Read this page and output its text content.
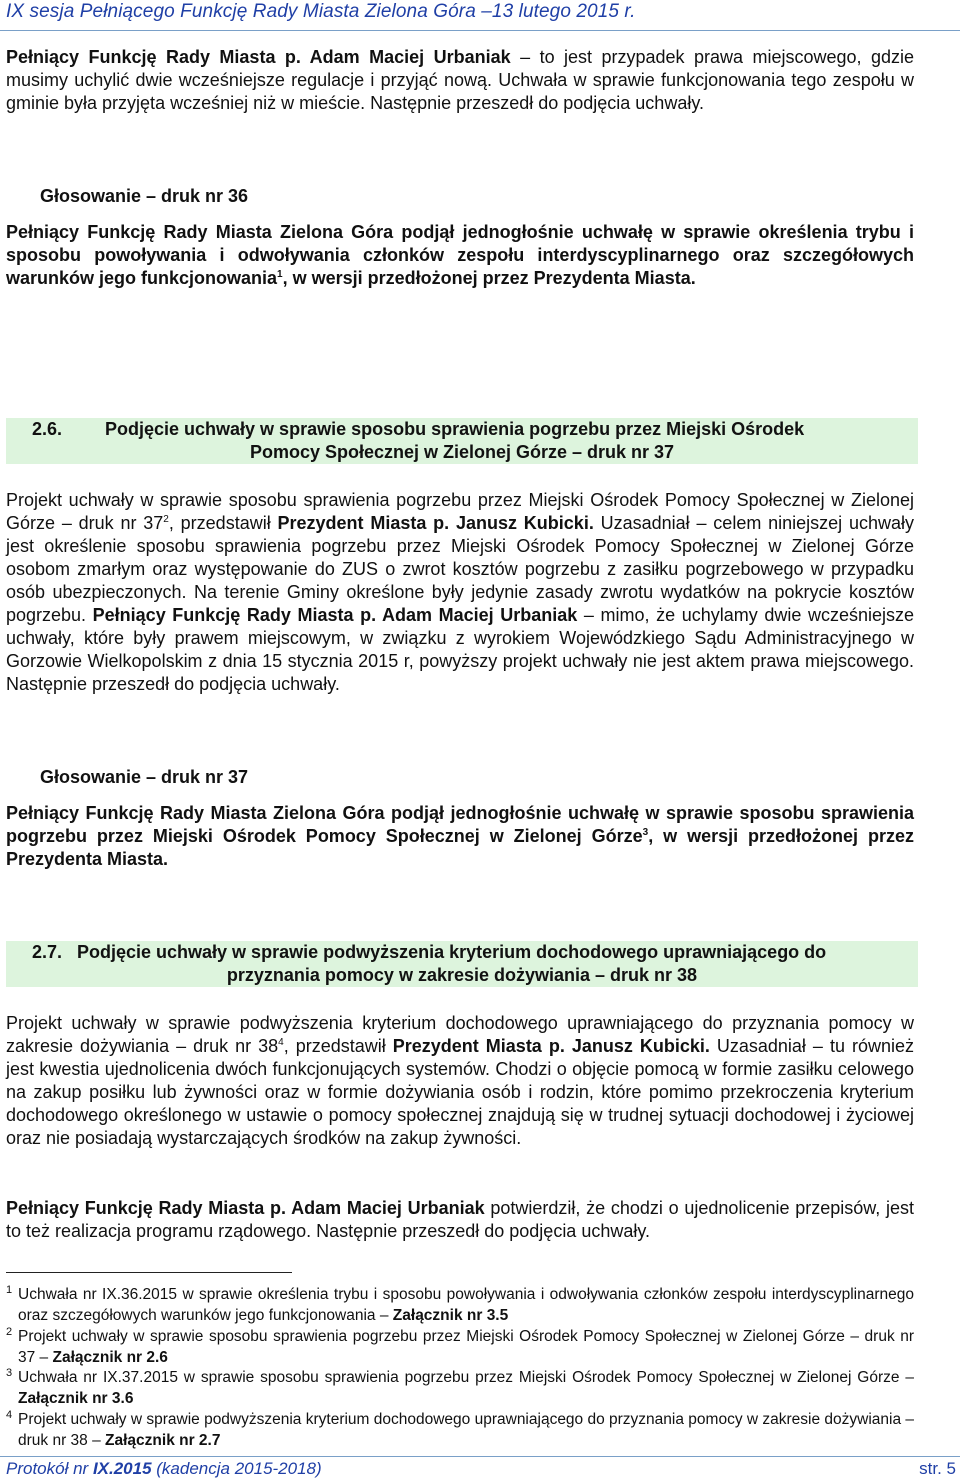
IX sesja Pełniącego Funkcję Rady Miasta Zielona Góra –13 lutego 2015 r.

Pełniący Funkcję Rady Miasta p. Adam Maciej Urbaniak – to jest przypadek prawa miejscowego, gdzie musimy uchylić dwie wcześniejsze regulacje i przyjąć nową. Uchwała w sprawie funkcjonowania tego zespołu w gminie była przyjęta wcześniej niż w mieście. Następnie przeszedł do podjęcia uchwały.

Głosowanie – druk nr 36

Pełniący Funkcję Rady Miasta Zielona Góra podjął jednogłośnie uchwałę w sprawie określenia trybu i sposobu powoływania i odwoływania członków zespołu interdyscyplinarnego oraz szczegółowych warunków jego funkcjonowania$^1$, w wersji przedłożonej przez Prezydenta Miasta.

2.6. Podjęcie uchwały w sprawie sposobu sprawienia pogrzebu przez Miejski Ośrodek
Pomocy Społecznej w Zielonej Górze – druk nr 37

Projekt uchwały w sprawie sposobu sprawienia pogrzebu przez Miejski Ośrodek Pomocy Społecznej w Zielonej Górze – druk nr $37^2$, przedstawił Prezydent Miasta p. Janusz Kubicki. Uzasadniał – celem niniejszej uchwały jest określenie sposobu sprawienia pogrzebu przez Miejski Ośrodek Pomocy Społecznej w Zielonej Górze osobom zmarłym oraz występowanie do ZUS o zwrot kosztów pogrzebu z zasiłku pogrzebowego w przypadku osób ubezpieczonych. Na terenie Gminy określone były jedynie zasady zwrotu wydatków na pokrycie kosztów pogrzebu. Pełniący Funkcję Rady Miasta p. Adam Maciej Urbaniak – mimo, że uchylamy dwie wcześniejsze uchwały, które były prawem miejscowym, w związku z wyrokiem Wojewódzkiego Sądu Administracyjnego w Gorzowie Wielkopolskim z dnia 15 stycznia 2015 r, powyższy projekt uchwały nie jest aktem prawa miejscowego. Następnie przeszedł do podjęcia uchwały.

Głosowanie – druk nr 37

Pełniący Funkcję Rady Miasta Zielona Góra podjął jednogłośnie uchwałę w sprawie sposobu sprawienia pogrzebu przez Miejski Ośrodek Pomocy Społecznej w Zielonej Górze$^3$, w wersji przedłożonej przez Prezydenta Miasta.

2.7. Podjęcie uchwały w sprawie podwyższenia kryterium dochodowego uprawniającego do
przyznania pomocy w zakresie dożywiania – druk nr 38

Projekt uchwały w sprawie podwyższenia kryterium dochodowego uprawniającego do przyznania pomocy w zakresie dożywiania – druk nr $38^4$, przedstawił Prezydent Miasta p. Janusz Kubicki. Uzasadniał – tu również jest kwestia ujednolicenia dwóch funkcjonujących systemów. Chodzi o objęcie pomocą w formie zasiłku celowego na zakup posiłku lub żywności oraz w formie dożywiania osób i rodzin, które pomimo przekroczenia kryterium dochodowego określonego w ustawie o pomocy społecznej znajdują się w trudnej sytuacji dochodowej i życiowej oraz nie posiadają wystarczających środków na zakup żywności.

Pełniący Funkcję Rady Miasta p. Adam Maciej Urbaniak potwierdził, że chodzi o ujednolicenie przepisów, jest to też realizacja programu rządowego. Następnie przeszedł do podjęcia uchwały.

1 Uchwała nr IX.36.2015 w sprawie określenia trybu i sposobu powoływania i odwoływania członków zespołu interdyscyplinarnego oraz szczegółowych warunków jego funkcjonowania – Załącznik nr 3.5
2 Projekt uchwały w sprawie sposobu sprawienia pogrzebu przez Miejski Ośrodek Pomocy Społecznej w Zielonej Górze – druk nr 37 – Załącznik nr 2.6
3 Uchwała nr IX.37.2015 w sprawie sposobu sprawienia pogrzebu przez Miejski Ośrodek Pomocy Społecznej w Zielonej Górze – Załącznik nr 3.6
4 Projekt uchwały w sprawie podwyższenia kryterium dochodowego uprawniającego do przyznania pomocy w zakresie dożywiania – druk nr 38 – Załącznik nr 2.7
Protokół nr IX.2015 (kadencja 2015-2018)	str. 5
